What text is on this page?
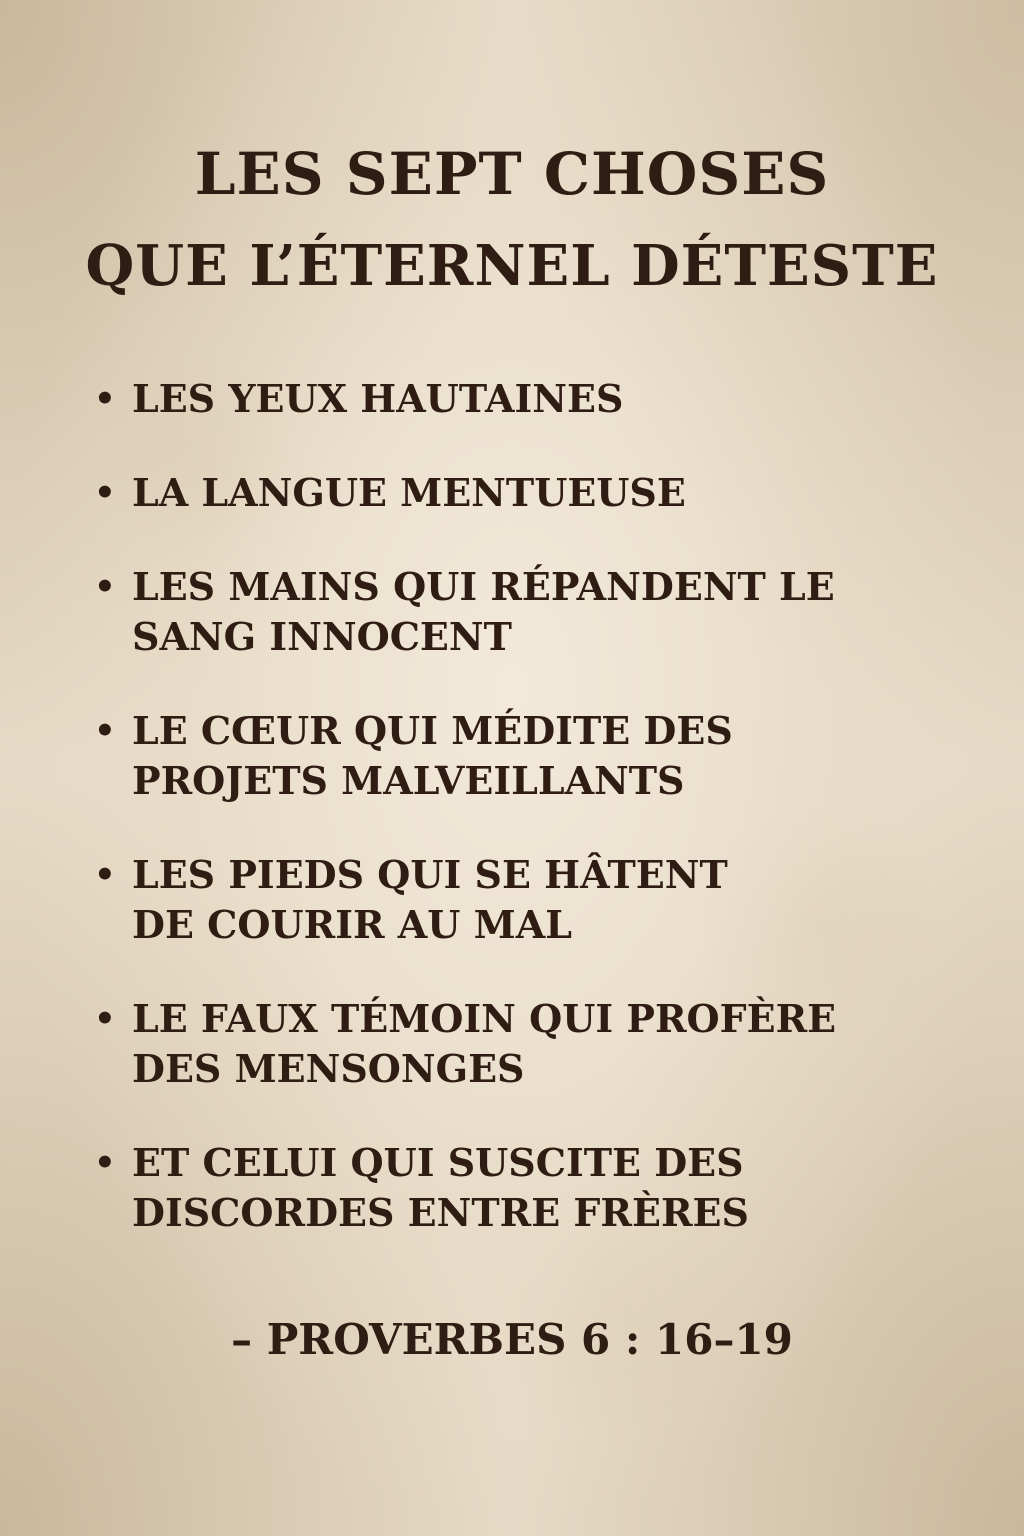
LES SEPT CHOSES
QUE L’ÉTERNEL DÉTESTE
• LES YEUX HAUTAINES
• LA LANGUE MENTUEUSE
• LES MAINS QUI RÉPANDENT LE
SANG INNOCENT
• LE CŒUR QUI MÉDITE DES
PROJETS MALVEILLANTS
• LES PIEDS QUI SE HÂTENT
DE COURIR AU MAL
• LE FAUX TÉMOIN QUI PROFÈRE
DES MENSONGES
• ET CELUI QUI SUSCITE DES
DISCORDES ENTRE FRÈRES
– PROVERBES 6 : 16–19
